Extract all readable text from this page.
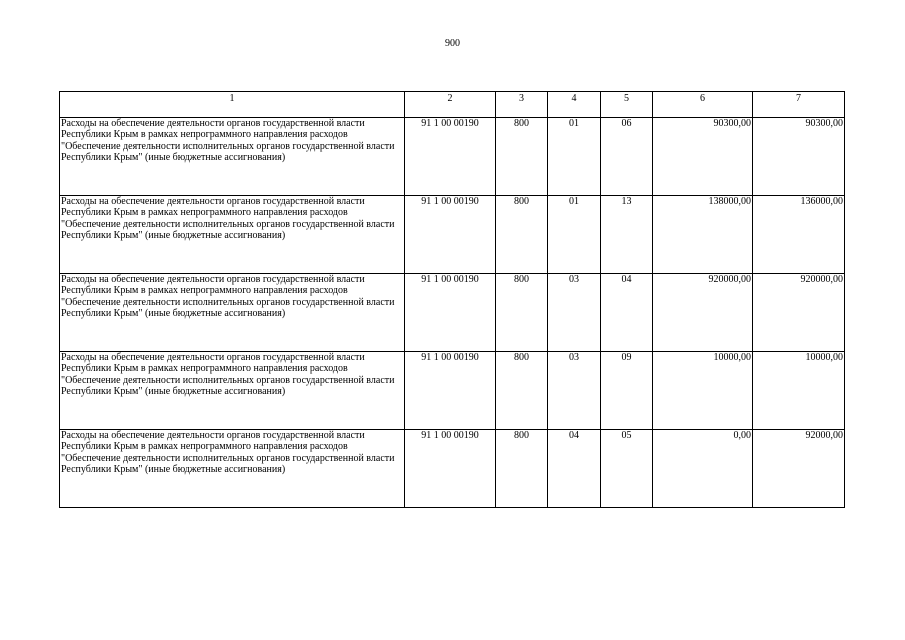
900
1	2	3	4	5	6	7
Расходы на обеспечение деятельности органов государственной власти Республики Крым в рамках непрограммного направления расходов "Обеспечение деятельности исполнительных органов государственной власти Республики Крым" (иные бюджетные ассигнования)	91 1 00 00190	800	01	06	90300,00	90300,00
Расходы на обеспечение деятельности органов государственной власти Республики Крым в рамках непрограммного направления расходов "Обеспечение деятельности исполнительных органов государственной власти Республики Крым" (иные бюджетные ассигнования)	91 1 00 00190	800	01	13	138000,00	136000,00
Расходы на обеспечение деятельности органов государственной власти Республики Крым в рамках непрограммного направления расходов "Обеспечение деятельности исполнительных органов государственной власти Республики Крым" (иные бюджетные ассигнования)	91 1 00 00190	800	03	04	920000,00	920000,00
Расходы на обеспечение деятельности органов государственной власти Республики Крым в рамках непрограммного направления расходов "Обеспечение деятельности исполнительных органов государственной власти Республики Крым" (иные бюджетные ассигнования)	91 1 00 00190	800	03	09	10000,00	10000,00
Расходы на обеспечение деятельности органов государственной власти Республики Крым в рамках непрограммного направления расходов "Обеспечение деятельности исполнительных органов государственной власти Республики Крым" (иные бюджетные ассигнования)	91 1 00 00190	800	04	05	0,00	92000,00
